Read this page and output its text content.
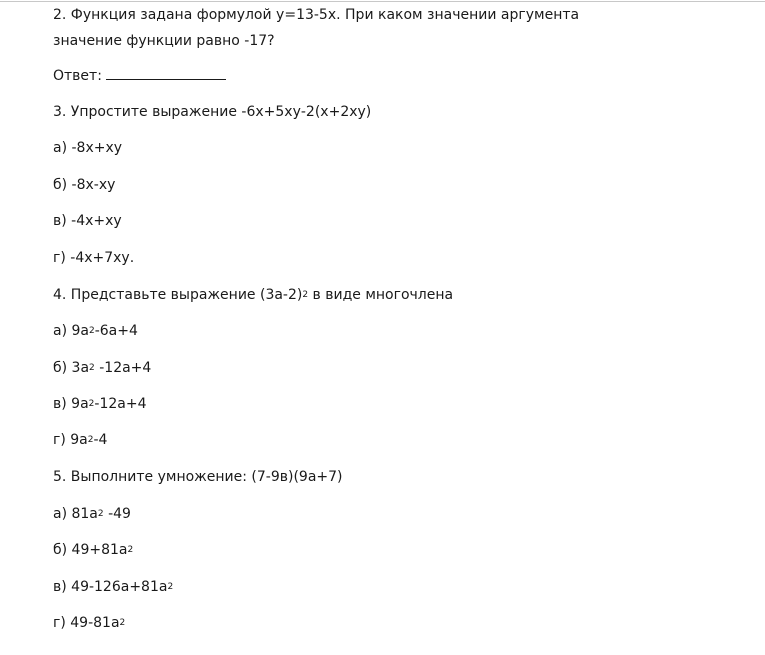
2. Функция задана формулой у=13-5х. При каком значении аргумента
значение функции равно -17?
Ответ:
3. Упростите выражение -6х+5ху-2(х+2ху)
а) -8х+ху
б) -8х-ху
в) -4х+ху
г) -4х+7ху.
4. Представьте выражение $(3а-2)^2$ в виде многочлена
а) $9а^2-6а+4$
б) $3а^2$ -12а+4
в) $9а^2-12а+4$
г) $9а^2-4$
5. Выполните умножение: (7-9в)(9а+7)
а) $81а^2$ -49
б) $49+81а^2$
в) $49-126а+81а^2$
г) $49-81а^2$
